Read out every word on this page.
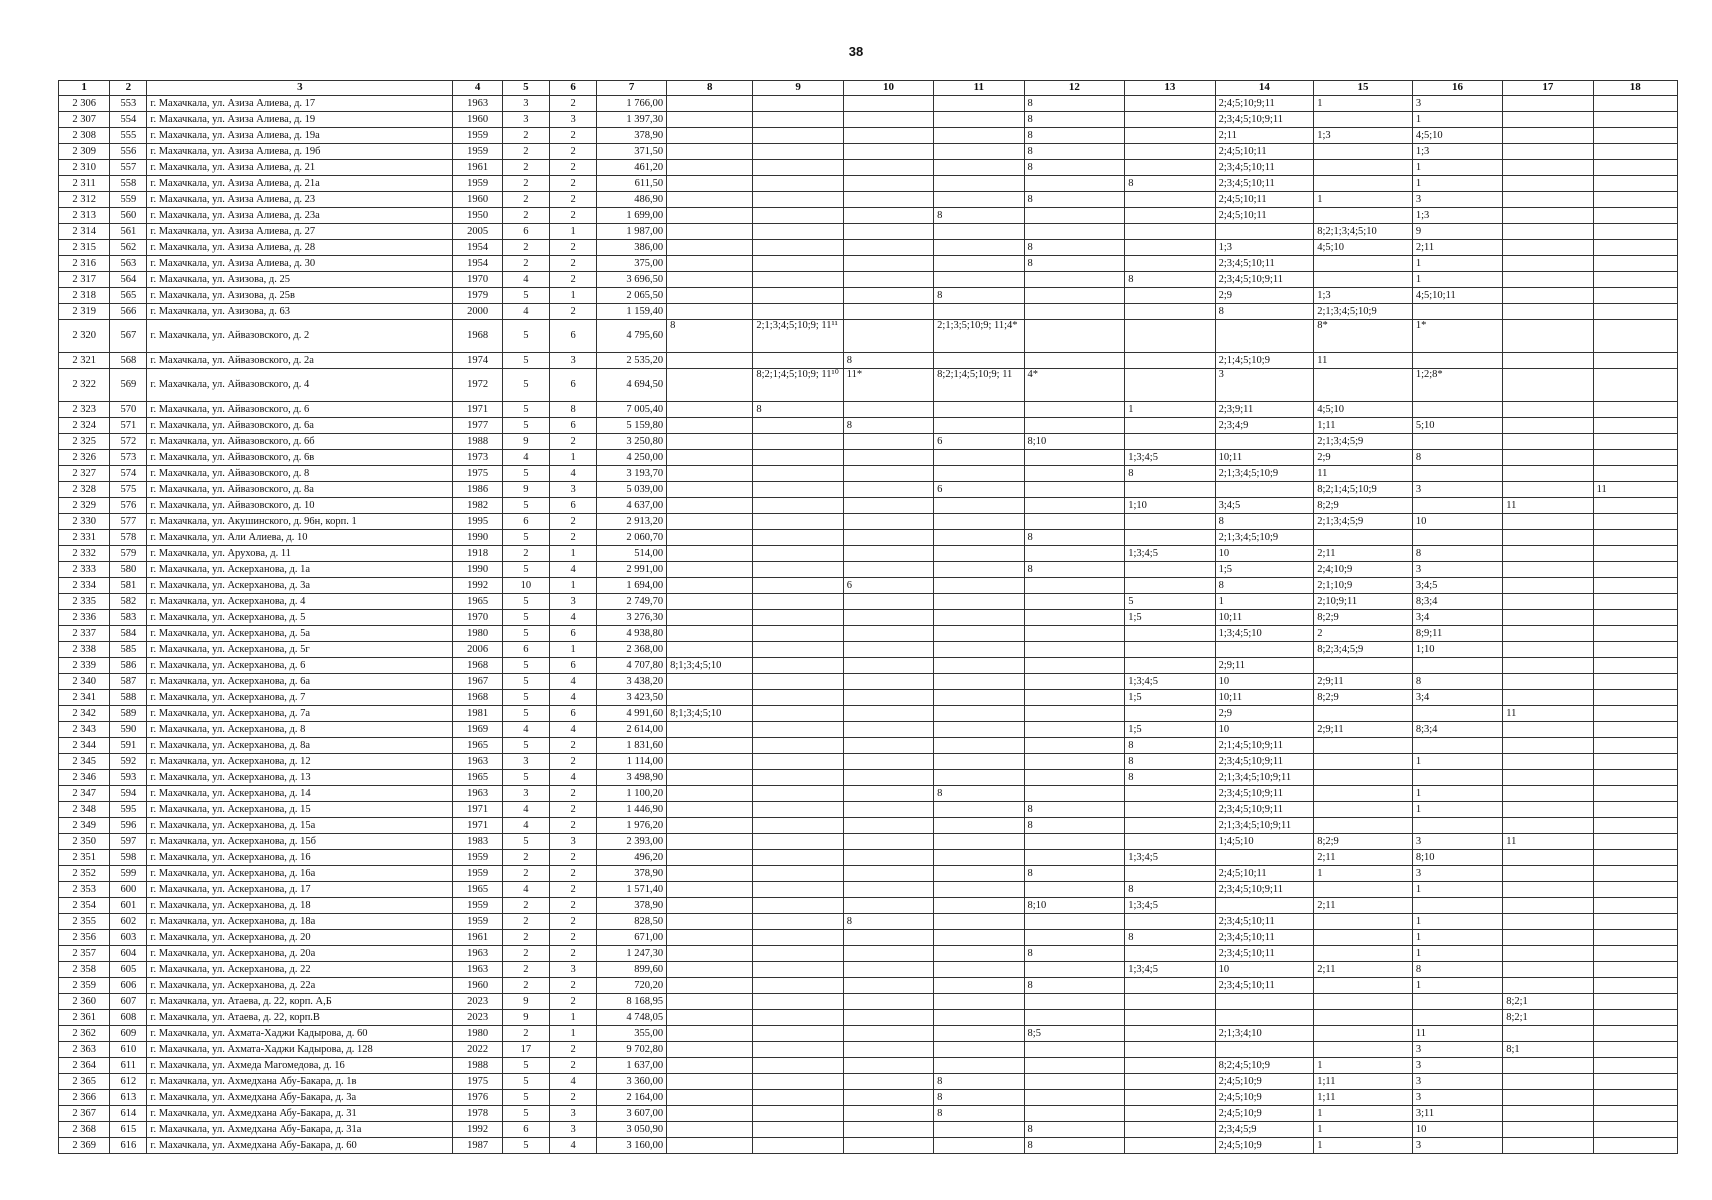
38
1	2	3	4	5	6	7	8	9	10	11	12	13	14	15	16	17	18
2 306	553	г. Махачкала, ул. Азиза Алиева, д. 17	1963	3	2	1 766,00					8		2;4;5;10;9;11	1	3		
2 307	554	г. Махачкала, ул. Азиза Алиева, д. 19	1960	3	3	1 397,30					8		2;3;4;5;10;9;11		1		
2 308	555	г. Махачкала, ул. Азиза Алиева, д. 19а	1959	2	2	378,90					8		2;11	1;3	4;5;10		
2 309	556	г. Махачкала, ул. Азиза Алиева, д. 19б	1959	2	2	371,50					8		2;4;5;10;11		1;3		
2 310	557	г. Махачкала, ул. Азиза Алиева, д. 21	1961	2	2	461,20					8		2;3;4;5;10;11		1		
2 311	558	г. Махачкала, ул. Азиза Алиева, д. 21а	1959	2	2	611,50						8	2;3;4;5;10;11		1		
2 312	559	г. Махачкала, ул. Азиза Алиева, д. 23	1960	2	2	486,90					8		2;4;5;10;11	1	3		
2 313	560	г. Махачкала, ул. Азиза Алиева, д. 23а	1950	2	2	1 699,00				8			2;4;5;10;11		1;3		
2 314	561	г. Махачкала, ул. Азиза Алиева, д. 27	2005	6	1	1 987,00								8;2;1;3;4;5;10	9		
2 315	562	г. Махачкала, ул. Азиза Алиева, д. 28	1954	2	2	386,00					8		1;3	4;5;10	2;11		
2 316	563	г. Махачкала, ул. Азиза Алиева, д. 30	1954	2	2	375,00					8		2;3;4;5;10;11		1		
2 317	564	г. Махачкала, ул. Азизова, д. 25	1970	4	2	3 696,50						8	2;3;4;5;10;9;11		1		
2 318	565	г. Махачкала, ул. Азизова, д. 25в	1979	5	1	2 065,50				8			2;9	1;3	4;5;10;11		
2 319	566	г. Махачкала, ул. Азизова, д. 63	2000	4	2	1 159,40							8	2;1;3;4;5;10;9			
2 320	567	г. Махачкала, ул. Айвазовского, д. 2	1968	5	6	4 795,60	8	2;1;3;4;5;10;9; 11¹¹		2;1;3;5;10;9; 11;4*				8*	1*		
2 321	568	г. Махачкала, ул. Айвазовского, д. 2а	1974	5	3	2 535,20			8				2;1;4;5;10;9	11			
2 322	569	г. Махачкала, ул. Айвазовского, д. 4	1972	5	6	4 694,50		8;2;1;4;5;10;9; 11¹⁰	11*	8;2;1;4;5;10;9; 11	4*		3		1;2;8*		
2 323	570	г. Махачкала, ул. Айвазовского, д. 6	1971	5	8	7 005,40		8				1	2;3;9;11	4;5;10			
2 324	571	г. Махачкала, ул. Айвазовского, д. 6а	1977	5	6	5 159,80			8				2;3;4;9	1;11	5;10		
2 325	572	г. Махачкала, ул. Айвазовского, д. 6б	1988	9	2	3 250,80				6	8;10			2;1;3;4;5;9			
2 326	573	г. Махачкала, ул. Айвазовского, д. 6в	1973	4	1	4 250,00						1;3;4;5	10;11	2;9	8		
2 327	574	г. Махачкала, ул. Айвазовского, д. 8	1975	5	4	3 193,70						8	2;1;3;4;5;10;9	11			
2 328	575	г. Махачкала, ул. Айвазовского, д. 8а	1986	9	3	5 039,00				6				8;2;1;4;5;10;9	3		11
2 329	576	г. Махачкала, ул. Айвазовского, д. 10	1982	5	6	4 637,00						1;10	3;4;5	8;2;9		11	
2 330	577	г. Махачкала, ул. Акушинского, д. 96н, корп. 1	1995	6	2	2 913,20							8	2;1;3;4;5;9	10		
2 331	578	г. Махачкала, ул. Али Алиева, д. 10	1990	5	2	2 060,70					8		2;1;3;4;5;10;9				
2 332	579	г. Махачкала, ул. Арухова, д. 11	1918	2	1	514,00						1;3;4;5	10	2;11	8		
2 333	580	г. Махачкала, ул. Аскерханова, д. 1а	1990	5	4	2 991,00					8		1;5	2;4;10;9	3		
2 334	581	г. Махачкала, ул. Аскерханова, д. 3а	1992	10	1	1 694,00			6				8	2;1;10;9	3;4;5		
2 335	582	г. Махачкала, ул. Аскерханова, д. 4	1965	5	3	2 749,70						5	1	2;10;9;11	8;3;4		
2 336	583	г. Махачкала, ул. Аскерханова, д. 5	1970	5	4	3 276,30						1;5	10;11	8;2;9	3;4		
2 337	584	г. Махачкала, ул. Аскерханова, д. 5а	1980	5	6	4 938,80							1;3;4;5;10	2	8;9;11		
2 338	585	г. Махачкала, ул. Аскерханова, д. 5г	2006	6	1	2 368,00								8;2;3;4;5;9	1;10		
2 339	586	г. Махачкала, ул. Аскерханова, д. 6	1968	5	6	4 707,80	8;1;3;4;5;10						2;9;11				
2 340	587	г. Махачкала, ул. Аскерханова, д. 6а	1967	5	4	3 438,20						1;3;4;5	10	2;9;11	8		
2 341	588	г. Махачкала, ул. Аскерханова, д. 7	1968	5	4	3 423,50						1;5	10;11	8;2;9	3;4		
2 342	589	г. Махачкала, ул. Аскерханова, д. 7а	1981	5	6	4 991,60	8;1;3;4;5;10						2;9			11	
2 343	590	г. Махачкала, ул. Аскерханова, д. 8	1969	4	4	2 614,00						1;5	10	2;9;11	8;3;4		
2 344	591	г. Махачкала, ул. Аскерханова, д. 8а	1965	5	2	1 831,60						8	2;1;4;5;10;9;11				
2 345	592	г. Махачкала, ул. Аскерханова, д. 12	1963	3	2	1 114,00						8	2;3;4;5;10;9;11		1		
2 346	593	г. Махачкала, ул. Аскерханова, д. 13	1965	5	4	3 498,90						8	2;1;3;4;5;10;9;11				
2 347	594	г. Махачкала, ул. Аскерханова, д. 14	1963	3	2	1 100,20				8			2;3;4;5;10;9;11		1		
2 348	595	г. Махачкала, ул. Аскерханова, д. 15	1971	4	2	1 446,90					8		2;3;4;5;10;9;11		1		
2 349	596	г. Махачкала, ул. Аскерханова, д. 15а	1971	4	2	1 976,20					8		2;1;3;4;5;10;9;11				
2 350	597	г. Махачкала, ул. Аскерханова, д. 15б	1983	5	3	2 393,00							1;4;5;10	8;2;9	3	11	
2 351	598	г. Махачкала, ул. Аскерханова, д. 16	1959	2	2	496,20						1;3;4;5		2;11	8;10		
2 352	599	г. Махачкала, ул. Аскерханова, д. 16а	1959	2	2	378,90					8		2;4;5;10;11	1	3		
2 353	600	г. Махачкала, ул. Аскерханова, д. 17	1965	4	2	1 571,40						8	2;3;4;5;10;9;11		1		
2 354	601	г. Махачкала, ул. Аскерханова, д. 18	1959	2	2	378,90					8;10	1;3;4;5		2;11			
2 355	602	г. Махачкала, ул. Аскерханова, д. 18а	1959	2	2	828,50			8				2;3;4;5;10;11		1		
2 356	603	г. Махачкала, ул. Аскерханова, д. 20	1961	2	2	671,00						8	2;3;4;5;10;11		1		
2 357	604	г. Махачкала, ул. Аскерханова, д. 20а	1963	2	2	1 247,30					8		2;3;4;5;10;11		1		
2 358	605	г. Махачкала, ул. Аскерханова, д. 22	1963	2	3	899,60						1;3;4;5	10	2;11	8		
2 359	606	г. Махачкала, ул. Аскерханова, д. 22а	1960	2	2	720,20					8		2;3;4;5;10;11		1		
2 360	607	г. Махачкала, ул. Атаева, д. 22, корп. А,Б	2023	9	2	8 168,95										8;2;1	
2 361	608	г. Махачкала, ул. Атаева, д. 22, корп.В	2023	9	1	4 748,05										8;2;1	
2 362	609	г. Махачкала, ул. Ахмата-Хаджи Кадырова, д. 60	1980	2	1	355,00					8;5		2;1;3;4;10		11		
2 363	610	г. Махачкала, ул. Ахмата-Хаджи Кадырова, д. 128	2022	17	2	9 702,80									3	8;1	
2 364	611	г. Махачкала, ул. Ахмеда Магомедова, д. 16	1988	5	2	1 637,00							8;2;4;5;10;9	1	3		
2 365	612	г. Махачкала, ул. Ахмедхана Абу-Бакара, д. 1в	1975	5	4	3 360,00				8			2;4;5;10;9	1;11	3		
2 366	613	г. Махачкала, ул. Ахмедхана Абу-Бакара, д. 3а	1976	5	2	2 164,00				8			2;4;5;10;9	1;11	3		
2 367	614	г. Махачкала, ул. Ахмедхана Абу-Бакара, д. 31	1978	5	3	3 607,00				8			2;4;5;10;9	1	3;11		
2 368	615	г. Махачкала, ул. Ахмедхана Абу-Бакара, д. 31а	1992	6	3	3 050,90					8		2;3;4;5;9	1	10		
2 369	616	г. Махачкала, ул. Ахмедхана Абу-Бакара, д. 60	1987	5	4	3 160,00					8		2;4;5;10;9	1	3		
